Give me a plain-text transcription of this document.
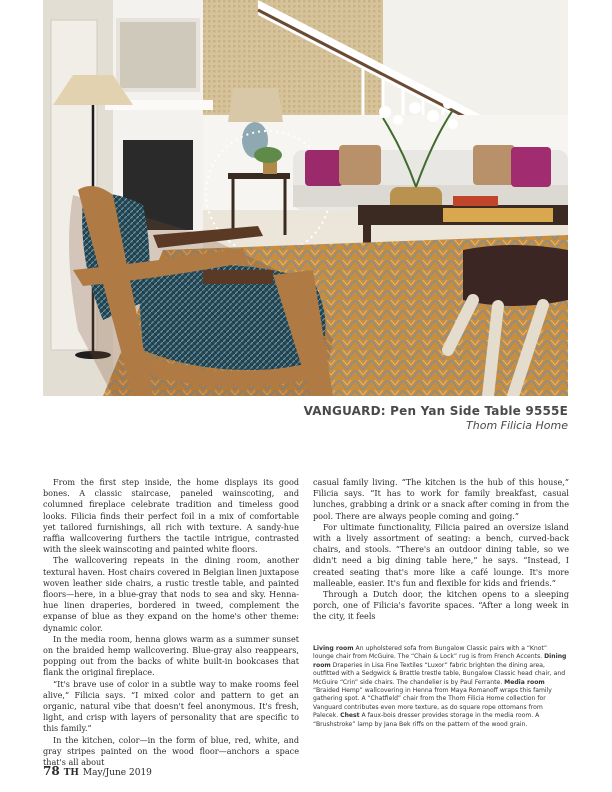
VANGUARD: Pen Yan Side Table 9555E
Thom Filicia Home

From the first step inside, the home displays its good bones. A classic staircase, paneled wainscoting, and columned fireplace celebrate tradition and timeless good looks. Filicia finds their perfect foil in a mix of comfortable yet tailored furnishings, all rich with texture. A sandy-hue raffia wallcovering furthers the tactile intrigue, contrasted with the sleek wainscoting and painted white floors.

The wallcovering repeats in the dining room, another textural haven. Host chairs covered in Belgian linen juxtapose woven leather side chairs, a rustic trestle table, and painted floors—here, in a blue-gray that nods to sea and sky. Henna-hue linen draperies, bordered in tweed, complement the expanse of blue as they expand on the home's other theme: dynamic color.

In the media room, henna glows warm as a summer sunset on the braided hemp wallcovering. Blue-gray also reappears, popping out from the backs of white built-in bookcases that flank the original fireplace.

“It's brave use of color in a subtle way to make rooms feel alive,” Filicia says. “I mixed color and pattern to get an organic, natural vibe that doesn't feel anonymous. It's fresh, light, and crisp with layers of personality that are specific to this family.”

In the kitchen, color—in the form of blue, red, white, and gray stripes painted on the wood floor—anchors a space that's all about

casual family living. “The kitchen is the hub of this house,” Filicia says. “It has to work for family breakfast, casual lunches, grabbing a drink or a snack after coming in from the pool. There are always people coming and going.”

For ultimate functionality, Filicia paired an oversize island with a lively assortment of seating: a bench, curved-back chairs, and stools. “There's an outdoor dining table, so we didn't need a big dining table here,” he says. “Instead, I created seating that's more like a café lounge. It's more malleable, easier. It's fun and flexible for kids and friends.”

Through a Dutch door, the kitchen opens to a sleeping porch, one of Filicia's favorite spaces. “After a long week in the city, it feels

Living room An upholstered sofa from Bungalow Classic pairs with a “Knot” lounge chair from McGuire. The “Chain & Lock” rug is from French Accents. Dining room Draperies in Lisa Fine Textiles “Luxor” fabric brighten the dining area, outfitted with a Sedgwick & Brattle trestle table, Bungalow Classic head chair, and McGuire “Crin” side chairs. The chandelier is by Paul Ferrante. Media room “Braided Hemp” wallcovering in Henna from Maya Romanoff wraps this family gathering spot. A “Chatfield” chair from the Thom Filicia Home collection for Vanguard contributes even more texture, as do square rope ottomans from Palecek. Chest A faux-bois dresser provides storage in the media room. A “Brushstroke” lamp by Jana Bek riffs on the pattern of the wood grain.

78 TH May/June 2019
